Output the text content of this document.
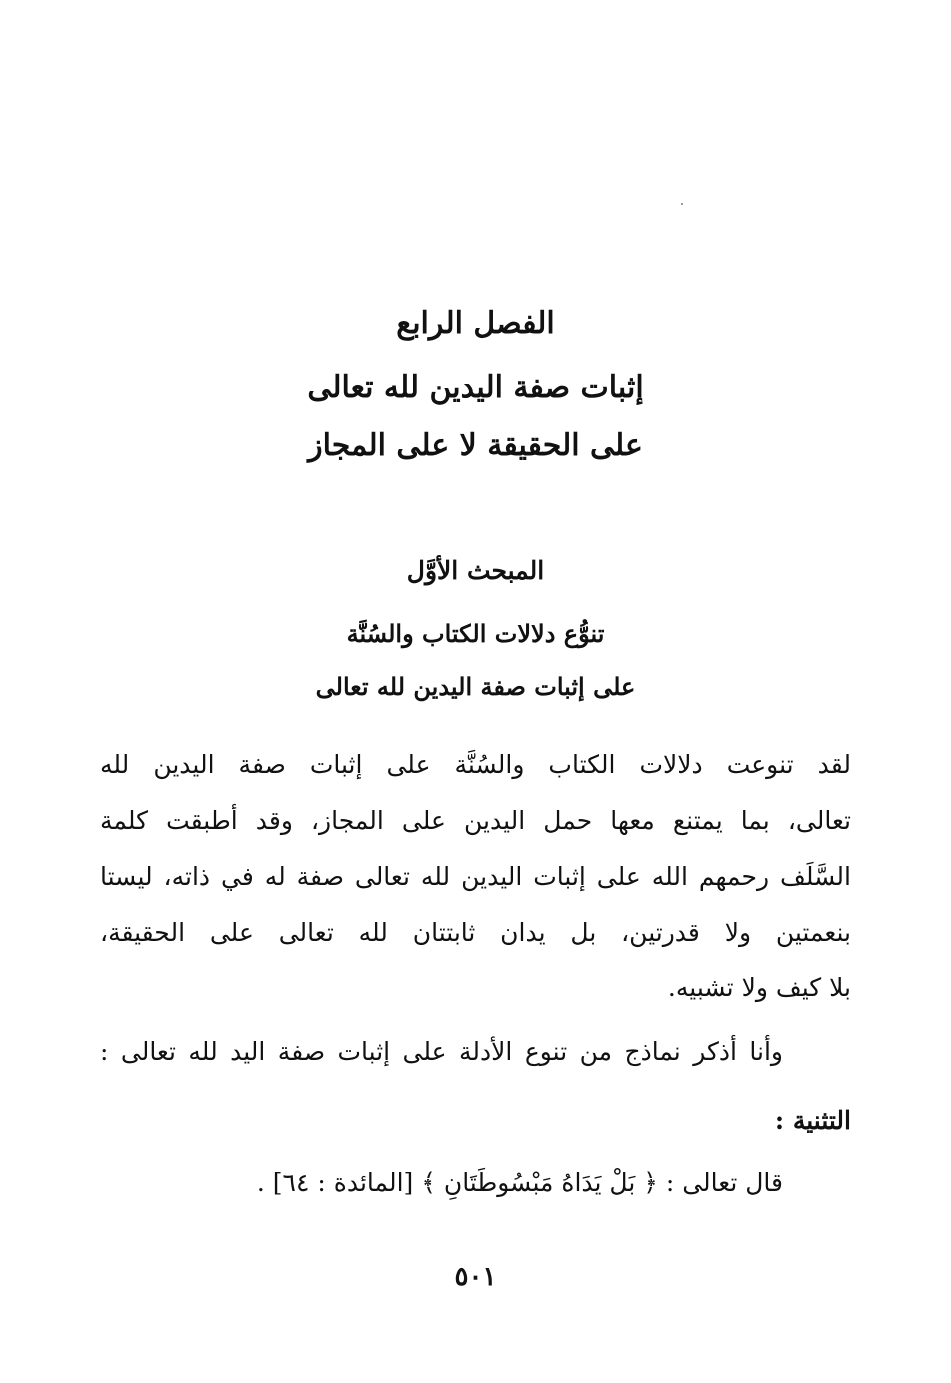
الفصل الرابع
إثبات صفة اليدين لله تعالى
على الحقيقة لا على المجاز
المبحث الأوَّل
تنوُّع دلالات الكتاب والسُنَّة
على إثبات صفة اليدين لله تعالى
لقد تنوعت دلالات الكتاب والسُنَّة على إثبات صفة اليدين لله
تعالى، بما يمتنع معها حمل اليدين على المجاز، وقد أطبقت كلمة
السَّلَف رحمهم الله على إثبات اليدين لله تعالى صفة له في ذاته، ليستا
بنعمتين ولا قدرتين، بل يدان ثابتتان لله تعالى على الحقيقة،
بلا كيف ولا تشبيه.
وأنا أذكر نماذج من تنوع الأدلة على إثبات صفة اليد لله تعالى :
التثنية :
قال تعالى : ﴿ بَلْ يَدَاهُ مَبْسُوطَتَانِ ﴾ [المائدة : ٦٤] .
٥٠١
